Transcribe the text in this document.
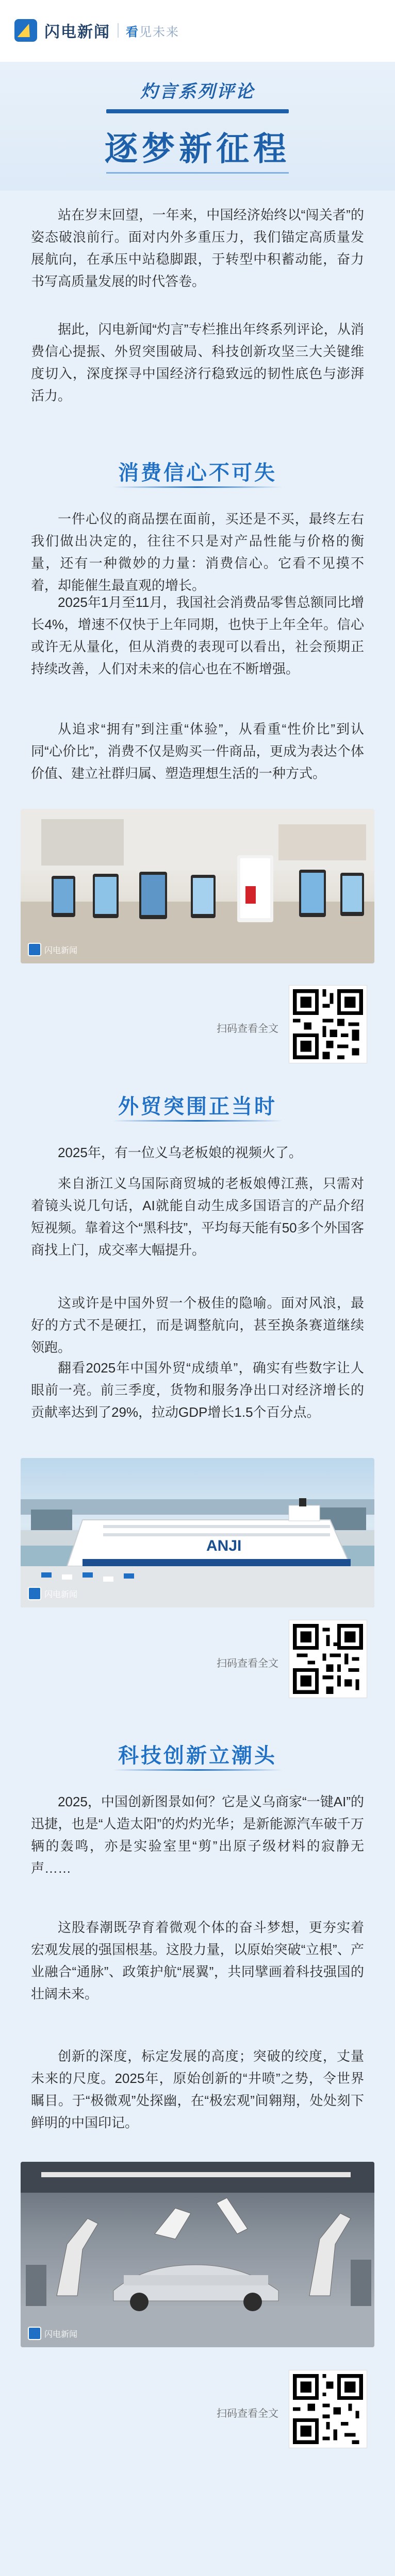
闪电新闻 看见未来
灼言系列评论
逐梦新征程
站在岁末回望，一年来，中国经济始终以“闯关者”的姿态破浪前行。面对内外多重压力，我们锚定高质量发展航向，在承压中站稳脚跟，于转型中积蓄动能，奋力书写高质量发展的时代答卷。
据此，闪电新闻“灼言”专栏推出年终系列评论，从消费信心提振、外贸突围破局、科技创新攻坚三大关键维度切入，深度探寻中国经济行稳致远的韧性底色与澎湃活力。
消费信心不可失
一件心仪的商品摆在面前，买还是不买，最终左右我们做出决定的，往往不只是对产品性能与价格的衡量，还有一种微妙的力量：消费信心。它看不见摸不着，却能催生最直观的增长。
2025年1月至11月，我国社会消费品零售总额同比增长4%，增速不仅快于上年同期，也快于上年全年。信心或许无从量化，但从消费的表现可以看出，社会预期正持续改善，人们对未来的信心也在不断增强。
从追求“拥有”到注重“体验”，从看重“性价比”到认同“心价比”，消费不仅是购买一件商品，更成为表达个体价值、建立社群归属、塑造理想生活的一种方式。
闪电新闻
扫码查看全文
外贸突围正当时
2025年，有一位义乌老板娘的视频火了。
来自浙江义乌国际商贸城的老板娘傅江燕，只需对着镜头说几句话，AI就能自动生成多国语言的产品介绍短视频。靠着这个“黑科技”，平均每天能有50多个外国客商找上门，成交率大幅提升。
这或许是中国外贸一个极佳的隐喻。面对风浪，最好的方式不是硬扛，而是调整航向，甚至换条赛道继续领跑。
翻看2025年中国外贸“成绩单”，确实有些数字让人眼前一亮。前三季度，货物和服务净出口对经济增长的贡献率达到了29%，拉动GDP增长1.5个百分点。
ANJI
闪电新闻
扫码查看全文
科技创新立潮头
2025，中国创新图景如何？它是义乌商家“一键AI”的迅捷，也是“人造太阳”的灼灼光华；是新能源汽车破千万辆的轰鸣，亦是实验室里“剪”出原子级材料的寂静无声……
这股春潮既孕育着微观个体的奋斗梦想，更夯实着宏观发展的强国根基。这股力量，以原始突破“立根”、产业融合“通脉”、政策护航“展翼”，共同擘画着科技强国的壮阔未来。
创新的深度，标定发展的高度；突破的绞度，丈量未来的尺度。2025年，原始创新的“井喷”之势，令世界瞩目。于“极微观”处探幽，在“极宏观”间翱翔，处处刻下鲜明的中国印记。
闪电新闻
扫码查看全文
